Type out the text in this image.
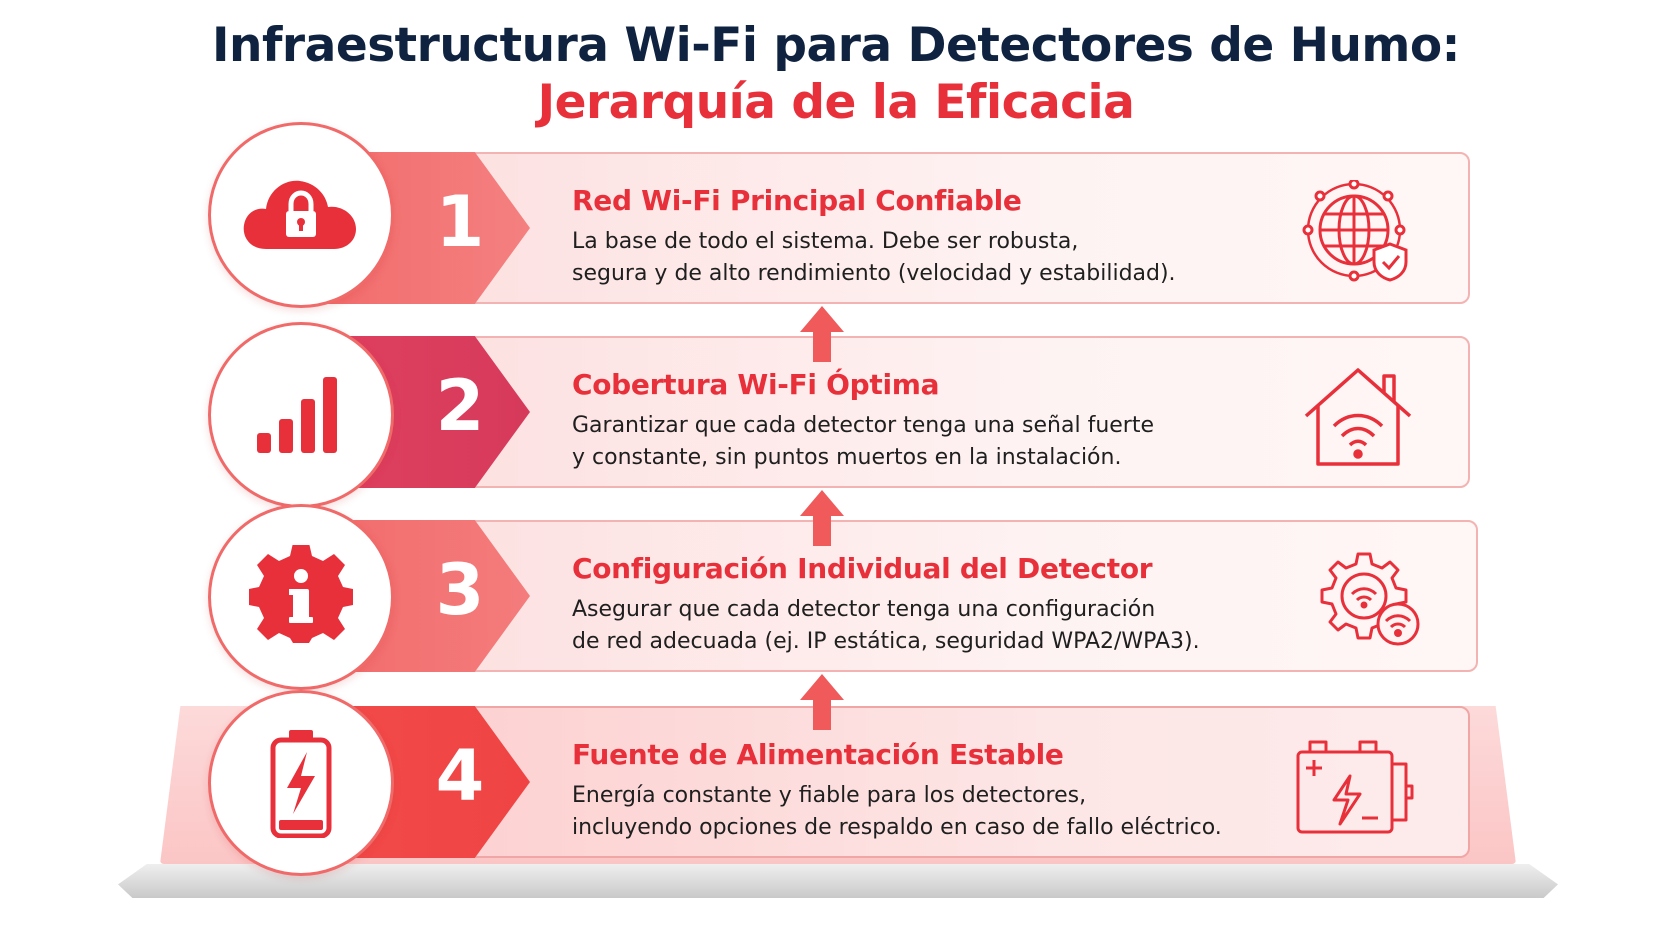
Infraestructura Wi-Fi para Detectores de Humo:
Jerarquía de la Eficacia
Red Wi-Fi Principal Confiable
La base de todo el sistema. Debe ser robusta,
segura y de alto rendimiento (velocidad y estabilidad).
1
Cobertura Wi-Fi Óptima
Garantizar que cada detector tenga una señal fuerte
y constante, sin puntos muertos en la instalación.
2
Configuración Individual del Detector
Asegurar que cada detector tenga una configuración
de red adecuada (ej. IP estática, seguridad WPA2/WPA3).
3
Fuente de Alimentación Estable
Energía constante y fiable para los detectores,
incluyendo opciones de respaldo en caso de fallo eléctrico.
4
